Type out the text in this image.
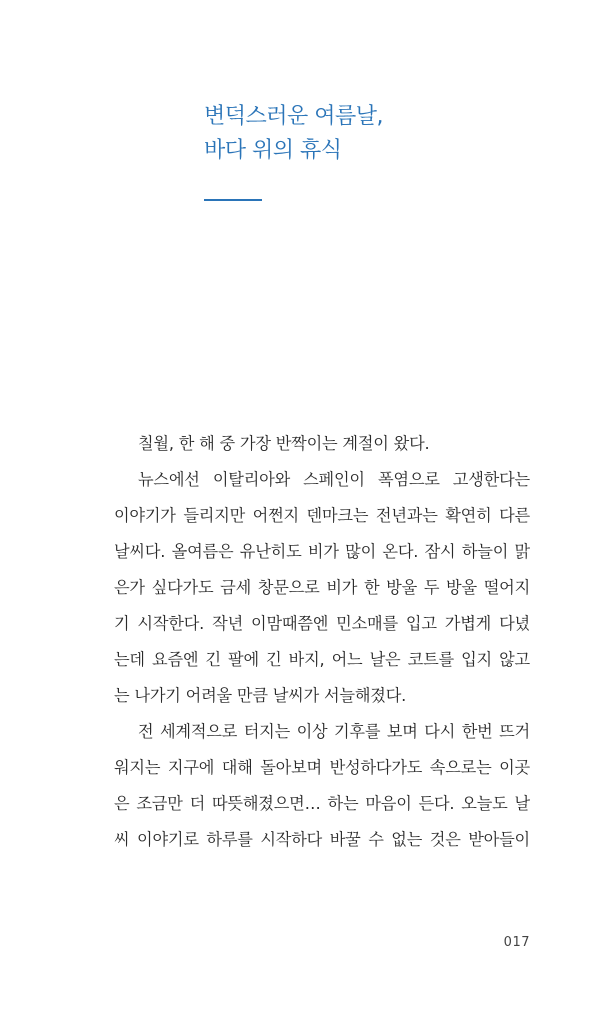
변덕스러운 여름날,
바다 위의 휴식
칠월, 한 해 중 가장 반짝이는 계절이 왔다.
뉴스에선 이탈리아와 스페인이 폭염으로 고생한다는
이야기가 들리지만 어쩐지 덴마크는 전년과는 확연히 다른
날씨다. 올여름은 유난히도 비가 많이 온다. 잠시 하늘이 맑
은가 싶다가도 금세 창문으로 비가 한 방울 두 방울 떨어지
기 시작한다. 작년 이맘때쯤엔 민소매를 입고 가볍게 다녔
는데 요즘엔 긴 팔에 긴 바지, 어느 날은 코트를 입지 않고
는 나가기 어려울 만큼 날씨가 서늘해졌다.
전 세계적으로 터지는 이상 기후를 보며 다시 한번 뜨거
워지는 지구에 대해 돌아보며 반성하다가도 속으로는 이곳
은 조금만 더 따뜻해졌으면… 하는 마음이 든다. 오늘도 날
씨 이야기로 하루를 시작하다 바꿀 수 없는 것은 받아들이
017
